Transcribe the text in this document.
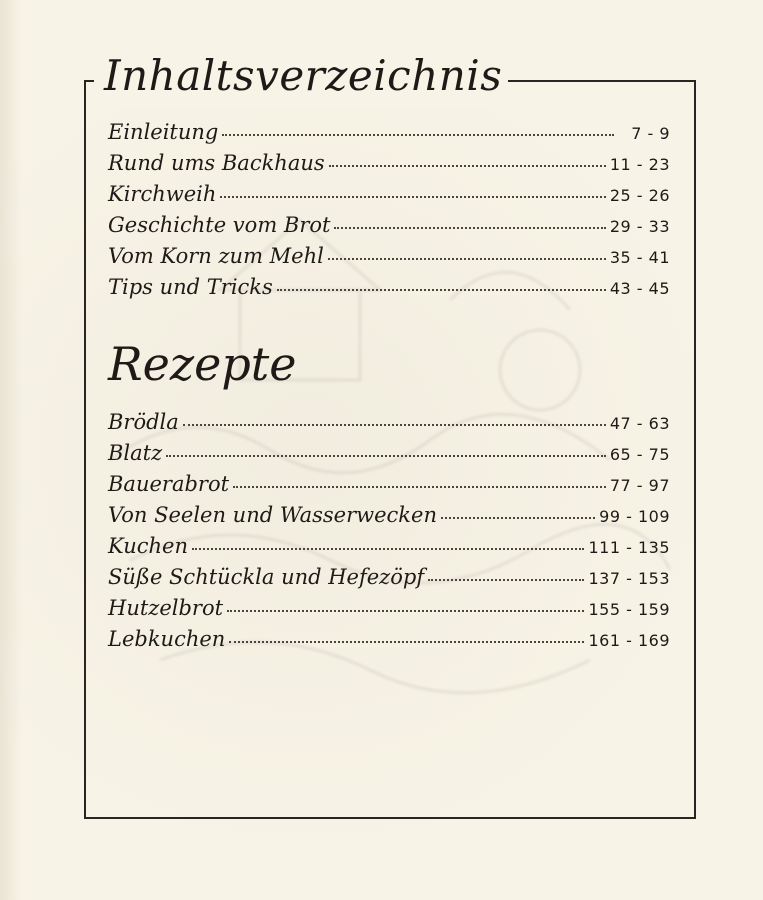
Inhaltsverzeichnis
Einleitung	7 - 9
Rund ums Backhaus	11 - 23
Kirchweih	25 - 26
Geschichte vom Brot	29 - 33
Vom Korn zum Mehl	35 - 41
Tips und Tricks	43 - 45
Rezepte
Brödla	47 - 63
Blatz	65 - 75
Bauerabrot	77 - 97
Von Seelen und Wasserwecken	99 - 109
Kuchen	111 - 135
Süße Schtückla und Hefezöpf	137 - 153
Hutzelbrot	155 - 159
Lebkuchen	161 - 169
